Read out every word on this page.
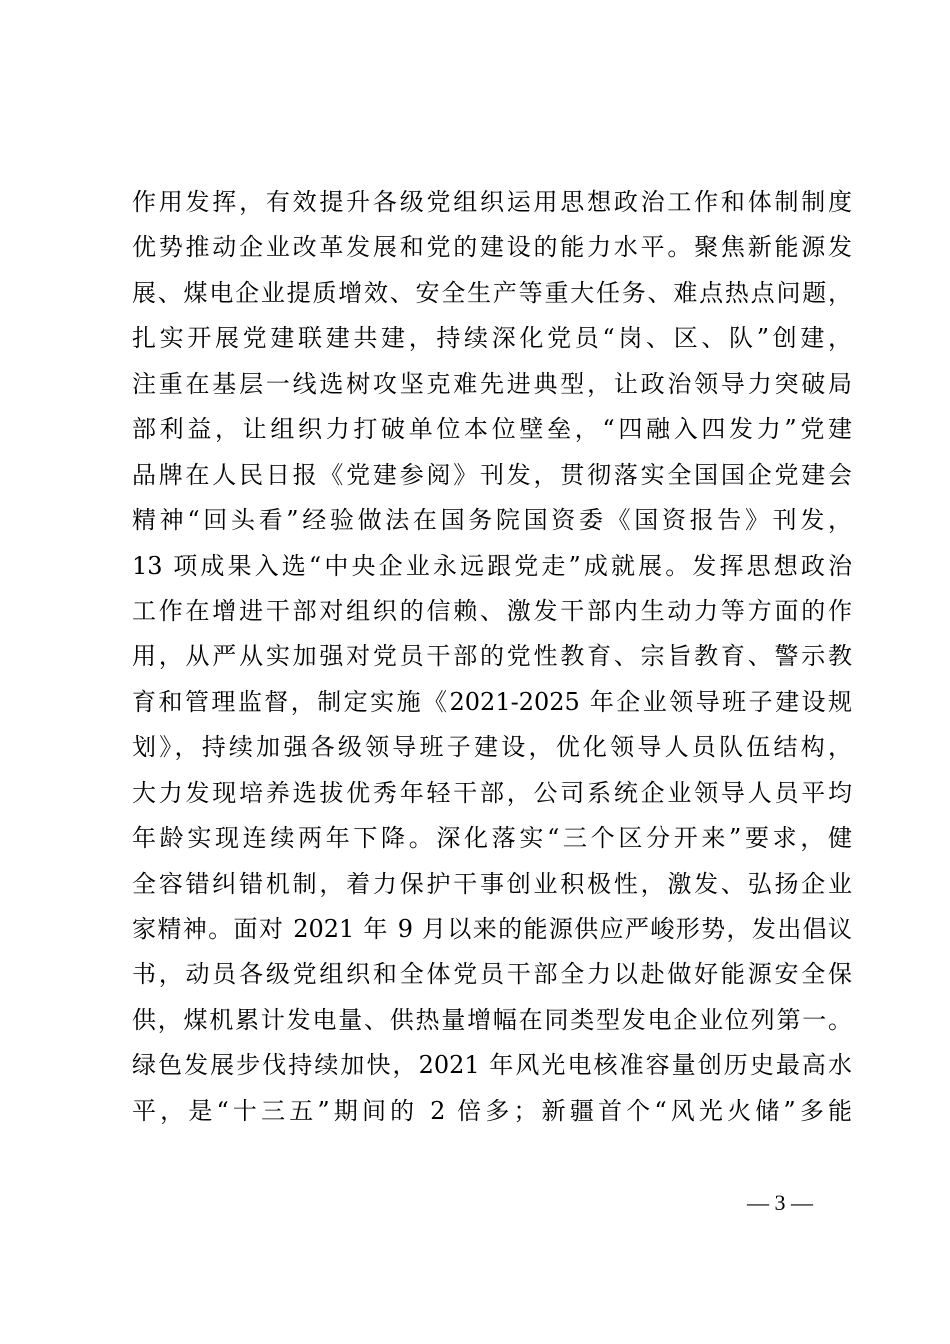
作用发挥，有效提升各级党组织运用思想政治工作和体制制度
优势推动企业改革发展和党的建设的能力水平。聚焦新能源发
展、煤电企业提质增效、安全生产等重大任务、难点热点问题，
扎实开展党建联建共建，持续深化党员“岗、区、队”创建，
注重在基层一线选树攻坚克难先进典型，让政治领导力突破局
部利益，让组织力打破单位本位壁垒，“四融入四发力”党建
品牌在人民日报《党建参阅》刊发，贯彻落实全国国企党建会
精神“回头看”经验做法在国务院国资委《国资报告》刊发，
13 项成果入选“中央企业永远跟党走”成就展。发挥思想政治
工作在增进干部对组织的信赖、激发干部内生动力等方面的作
用，从严从实加强对党员干部的党性教育、宗旨教育、警示教
育和管理监督，制定实施《2021-2025 年企业领导班子建设规
划》，持续加强各级领导班子建设，优化领导人员队伍结构，
大力发现培养选拔优秀年轻干部，公司系统企业领导人员平均
年龄实现连续两年下降。深化落实“三个区分开来”要求，健
全容错纠错机制，着力保护干事创业积极性，激发、弘扬企业
家精神。面对 2021 年 9 月以来的能源供应严峻形势，发出倡议
书，动员各级党组织和全体党员干部全力以赴做好能源安全保
供，煤机累计发电量、供热量增幅在同类型发电企业位列第一。
绿色发展步伐持续加快，2021 年风光电核准容量创历史最高水
平，是“十三五”期间的 2 倍多；新疆首个“风光火储”多能
— 3 —
